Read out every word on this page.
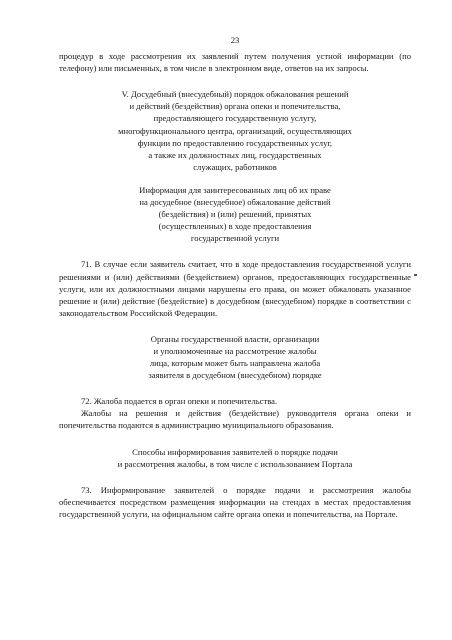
23

процедур в ходе рассмотрения их заявлений путем получения устной информации (по телефону) или письменных, в том числе в электронном виде, ответов на их запросы.

V. Досудебный (внесудебный) порядок обжалования решений
и действий (бездействия) органа опеки и попечительства,
предоставляющего государственную услугу,
многофункционального центра, организаций, осуществляющих
функции по предоставлению государственных услуг,
а также их должностных лиц, государственных
служащих, работников
Информация для заинтересованных лиц об их праве
на досудебное (внесудебное) обжалование действий
(бездействия) и (или) решений, принятых
(осуществленных) в ходе предоставления
государственной услуги

71. В случае если заявитель считает, что в ходе предоставления государственной услуги решениями и (или) действиями (бездействием) органов, предоставляющих государственные услуги, или их должностными лицами нарушены его права, он может обжаловать указанное решение и (или) действие (бездействие) в досудебном (внесудебном) порядке в соответствии с законодательством Российской Федерации.

Органы государственной власти, организации
и уполномоченные на рассмотрение жалобы
лица, которым может быть направлена жалоба
заявителя в досудебном (внесудебном) порядке

72. Жалоба подается в орган опеки и попечительства.

Жалобы на решения и действия (бездействие) руководителя органа опеки и попечительства подаются в администрацию муниципального образования.

Способы информирования заявителей о порядке подачи
и рассмотрения жалобы, в том числе с использованием Портала

73. Информирование заявителей о порядке подачи и рассмотрения жалобы обеспечивается посредством размещения информации на стендах в местах предоставления государственной услуги, на официальном сайте органа опеки и попечительства, на Портале.
